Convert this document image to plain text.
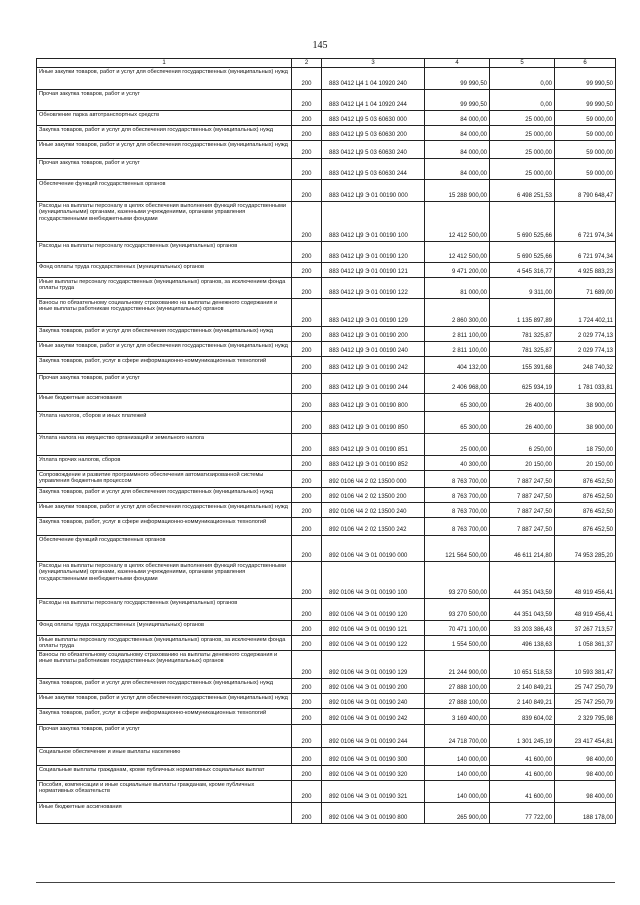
145
1	2	3	4	5	6
Иные закупки товаров, работ и услуг для обеспечения государственных (муниципальных) нужд	200	883 0412 Ц4 1 04 10920 240	99 990,50	0,00	99 990,50
Прочая закупка товаров, работ и услуг	200	883 0412 Ц4 1 04 10920 244	99 990,50	0,00	99 990,50
Обновление парка автотранспортных средств	200	883 0412 Ц9 5 03 60630 000	84 000,00	25 000,00	59 000,00
Закупка товаров, работ и услуг для обеспечения государственных (муниципальных) нужд	200	883 0412 Ц9 5 03 60630 200	84 000,00	25 000,00	59 000,00
Иные закупки товаров, работ и услуг для обеспечения государственных (муниципальных) нужд	200	883 0412 Ц9 5 03 60630 240	84 000,00	25 000,00	59 000,00
Прочая закупка товаров, работ и услуг	200	883 0412 Ц9 5 03 60630 244	84 000,00	25 000,00	59 000,00
Обеспечение функций государственных органов	200	883 0412 Ц9 Э 01 00190 000	15 288 900,00	6 498 251,53	8 790 648,47
Расходы на выплаты персоналу в целях обеспечения выполнения функций государственными (муниципальными) органами, казенными учреждениями, органами управления государственными внебюджетными фондами	200	883 0412 Ц9 Э 01 00190 100	12 412 500,00	5 690 525,66	6 721 974,34
Расходы на выплаты персоналу государственных (муниципальных) органов	200	883 0412 Ц9 Э 01 00190 120	12 412 500,00	5 690 525,66	6 721 974,34
Фонд оплаты труда государственных (муниципальных) органов	200	883 0412 Ц9 Э 01 00190 121	9 471 200,00	4 545 316,77	4 925 883,23
Иные выплаты персоналу государственных (муниципальных) органов, за исключением фонда оплаты труда	200	883 0412 Ц9 Э 01 00190 122	81 000,00	9 311,00	71 689,00
Взносы по обязательному социальному страхованию на выплаты денежного содержания и иные выплаты работникам государственных (муниципальных) органов	200	883 0412 Ц9 Э 01 00190 129	2 860 300,00	1 135 897,89	1 724 402,11
Закупка товаров, работ и услуг для обеспечения государственных (муниципальных) нужд	200	883 0412 Ц9 Э 01 00190 200	2 811 100,00	781 325,87	2 029 774,13
Иные закупки товаров, работ и услуг для обеспечения государственных (муниципальных) нужд	200	883 0412 Ц9 Э 01 00190 240	2 811 100,00	781 325,87	2 029 774,13
Закупка товаров, работ, услуг в сфере информационно-коммуникационных технологий	200	883 0412 Ц9 Э 01 00190 242	404 132,00	155 391,68	248 740,32
Прочая закупка товаров, работ и услуг	200	883 0412 Ц9 Э 01 00190 244	2 406 968,00	625 934,19	1 781 033,81
Иные бюджетные ассигнования	200	883 0412 Ц9 Э 01 00190 800	65 300,00	26 400,00	38 900,00
Уплата налогов, сборов и иных платежей	200	883 0412 Ц9 Э 01 00190 850	65 300,00	26 400,00	38 900,00
Уплата налога на имущество организаций и земельного налога	200	883 0412 Ц9 Э 01 00190 851	25 000,00	6 250,00	18 750,00
Уплата прочих налогов, сборов	200	883 0412 Ц9 Э 01 00190 852	40 300,00	20 150,00	20 150,00
Сопровождение и развитие программного обеспечения автоматизированной системы управления бюджетным процессом	200	892 0106 Ч4 2 02 13500 000	8 763 700,00	7 887 247,50	876 452,50
Закупка товаров, работ и услуг для обеспечения государственных (муниципальных) нужд	200	892 0106 Ч4 2 02 13500 200	8 763 700,00	7 887 247,50	876 452,50
Иные закупки товаров, работ и услуг для обеспечения государственных (муниципальных) нужд	200	892 0106 Ч4 2 02 13500 240	8 763 700,00	7 887 247,50	876 452,50
Закупка товаров, работ, услуг в сфере информационно-коммуникационных технологий	200	892 0106 Ч4 2 02 13500 242	8 763 700,00	7 887 247,50	876 452,50
Обеспечение функций государственных органов	200	892 0106 Ч4 Э 01 00190 000	121 564 500,00	46 611 214,80	74 953 285,20
Расходы на выплаты персоналу в целях обеспечения выполнения функций государственными (муниципальными) органами, казенными учреждениями, органами управления государственными внебюджетными фондами	200	892 0106 Ч4 Э 01 00190 100	93 270 500,00	44 351 043,59	48 919 456,41
Расходы на выплаты персоналу государственных (муниципальных) органов	200	892 0106 Ч4 Э 01 00190 120	93 270 500,00	44 351 043,59	48 919 456,41
Фонд оплаты труда государственных (муниципальных) органов	200	892 0106 Ч4 Э 01 00190 121	70 471 100,00	33 203 386,43	37 267 713,57
Иные выплаты персоналу государственных (муниципальных) органов, за исключением фонда оплаты труда	200	892 0106 Ч4 Э 01 00190 122	1 554 500,00	496 138,63	1 058 361,37
Взносы по обязательному социальному страхованию на выплаты денежного содержания и иные выплаты работникам государственных (муниципальных) органов	200	892 0106 Ч4 Э 01 00190 129	21 244 900,00	10 651 518,53	10 593 381,47
Закупка товаров, работ и услуг для обеспечения государственных (муниципальных) нужд	200	892 0106 Ч4 Э 01 00190 200	27 888 100,00	2 140 849,21	25 747 250,79
Иные закупки товаров, работ и услуг для обеспечения государственных (муниципальных) нужд	200	892 0106 Ч4 Э 01 00190 240	27 888 100,00	2 140 849,21	25 747 250,79
Закупка товаров, работ, услуг в сфере информационно-коммуникационных технологий	200	892 0106 Ч4 Э 01 00190 242	3 169 400,00	839 604,02	2 329 795,98
Прочая закупка товаров, работ и услуг	200	892 0106 Ч4 Э 01 00190 244	24 718 700,00	1 301 245,19	23 417 454,81
Социальное обеспечение и иные выплаты населению	200	892 0106 Ч4 Э 01 00190 300	140 000,00	41 600,00	98 400,00
Социальные выплаты гражданам, кроме публичных нормативных социальных выплат	200	892 0106 Ч4 Э 01 00190 320	140 000,00	41 600,00	98 400,00
Пособия, компенсации и иные социальные выплаты гражданам, кроме публичных нормативных обязательств	200	892 0106 Ч4 Э 01 00190 321	140 000,00	41 600,00	98 400,00
Иные бюджетные ассигнования	200	892 0106 Ч4 Э 01 00190 800	265 900,00	77 722,00	188 178,00
